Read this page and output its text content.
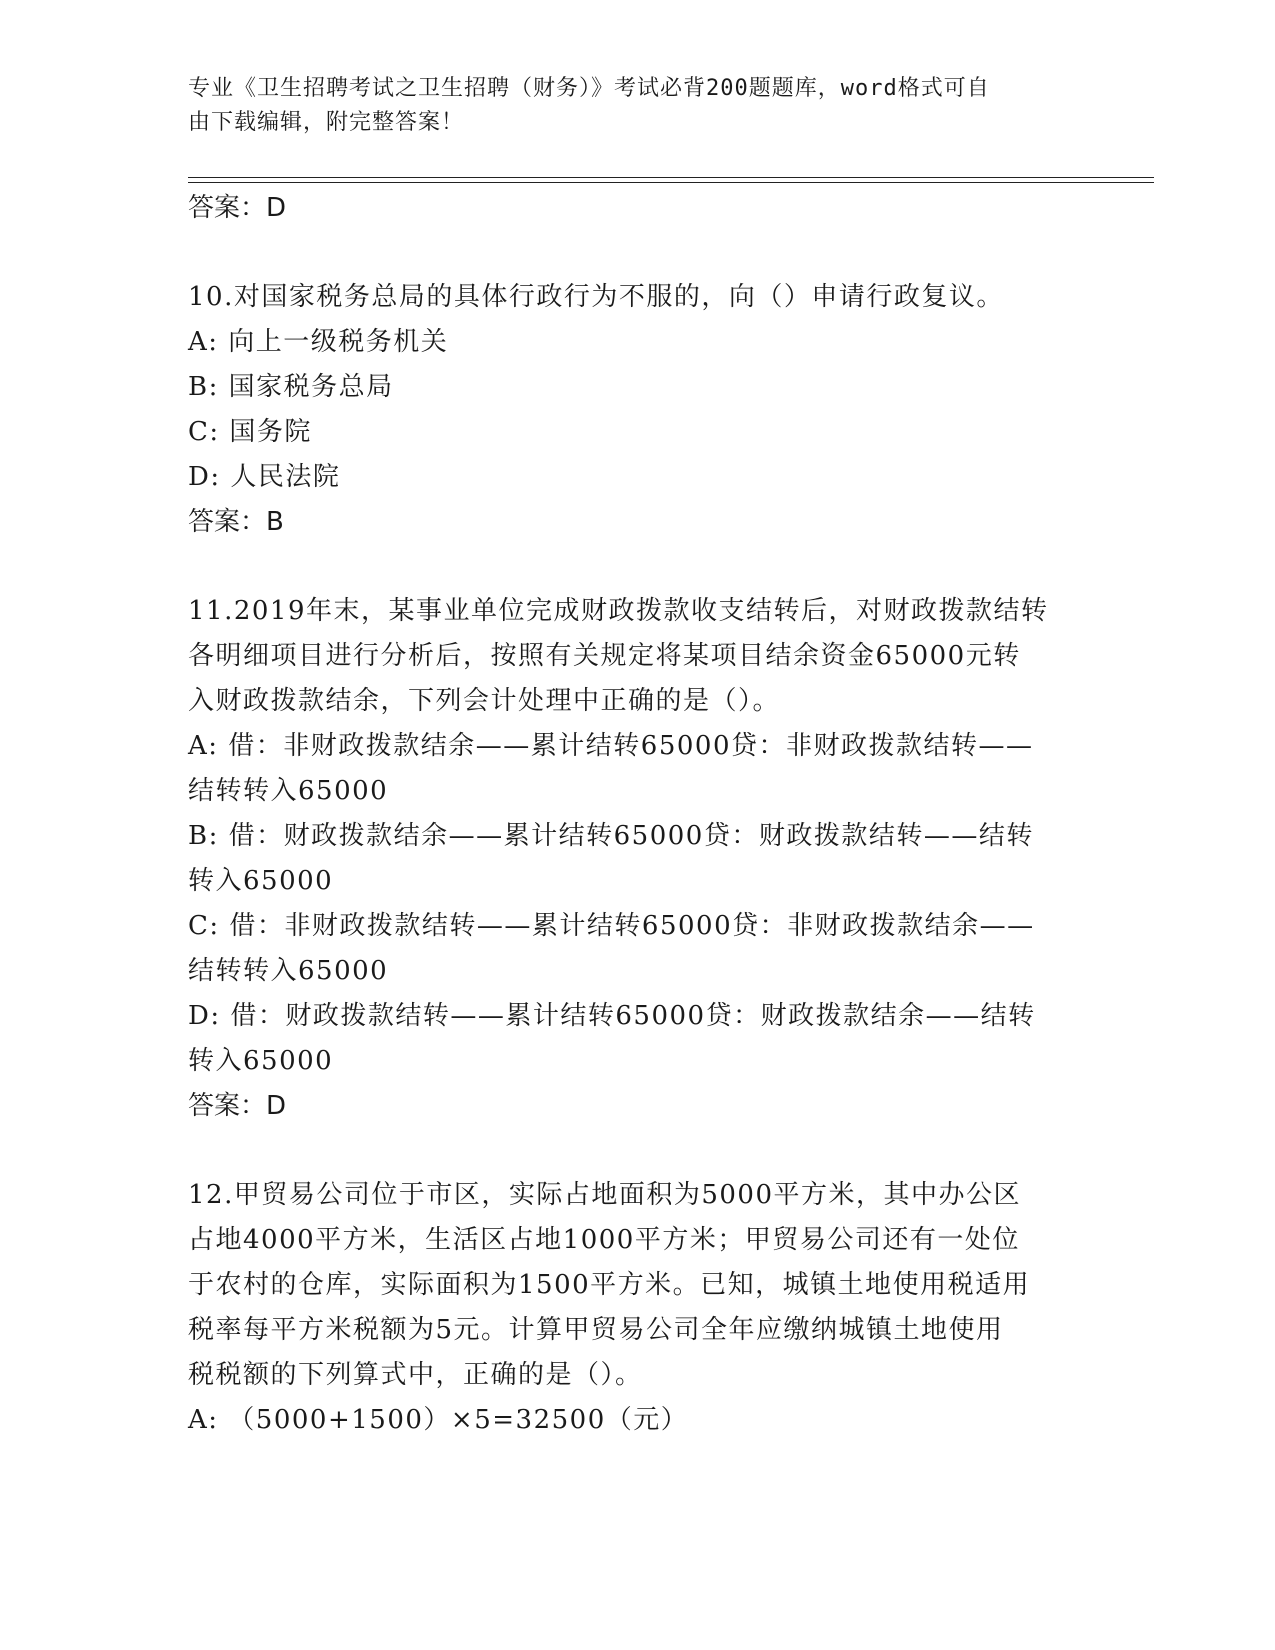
专业《卫生招聘考试之卫生招聘（财务）》考试必背200题题库，word格式可自
由下载编辑，附完整答案！

答案：D

10.对国家税务总局的具体行政行为不服的，向（）申请行政复议。

A: 向上一级税务机关

B: 国家税务总局

C: 国务院

D: 人民法院

答案：B

11.2019年末，某事业单位完成财政拨款收支结转后，对财政拨款结转

各明细项目进行分析后，按照有关规定将某项目结余资金65000元转

入财政拨款结余，下列会计处理中正确的是（）。

A: 借：非财政拨款结余——累计结转65000贷：非财政拨款结转——

结转转入65000

B: 借：财政拨款结余——累计结转65000贷：财政拨款结转——结转

转入65000

C: 借：非财政拨款结转——累计结转65000贷：非财政拨款结余——

结转转入65000

D: 借：财政拨款结转——累计结转65000贷：财政拨款结余——结转

转入65000

答案：D

12.甲贸易公司位于市区，实际占地面积为5000平方米，其中办公区

占地4000平方米，生活区占地1000平方米；甲贸易公司还有一处位

于农村的仓库，实际面积为1500平方米。已知，城镇土地使用税适用

税率每平方米税额为5元。计算甲贸易公司全年应缴纳城镇土地使用

税税额的下列算式中，正确的是（）。

A: （5000+1500）×5=32500（元）
